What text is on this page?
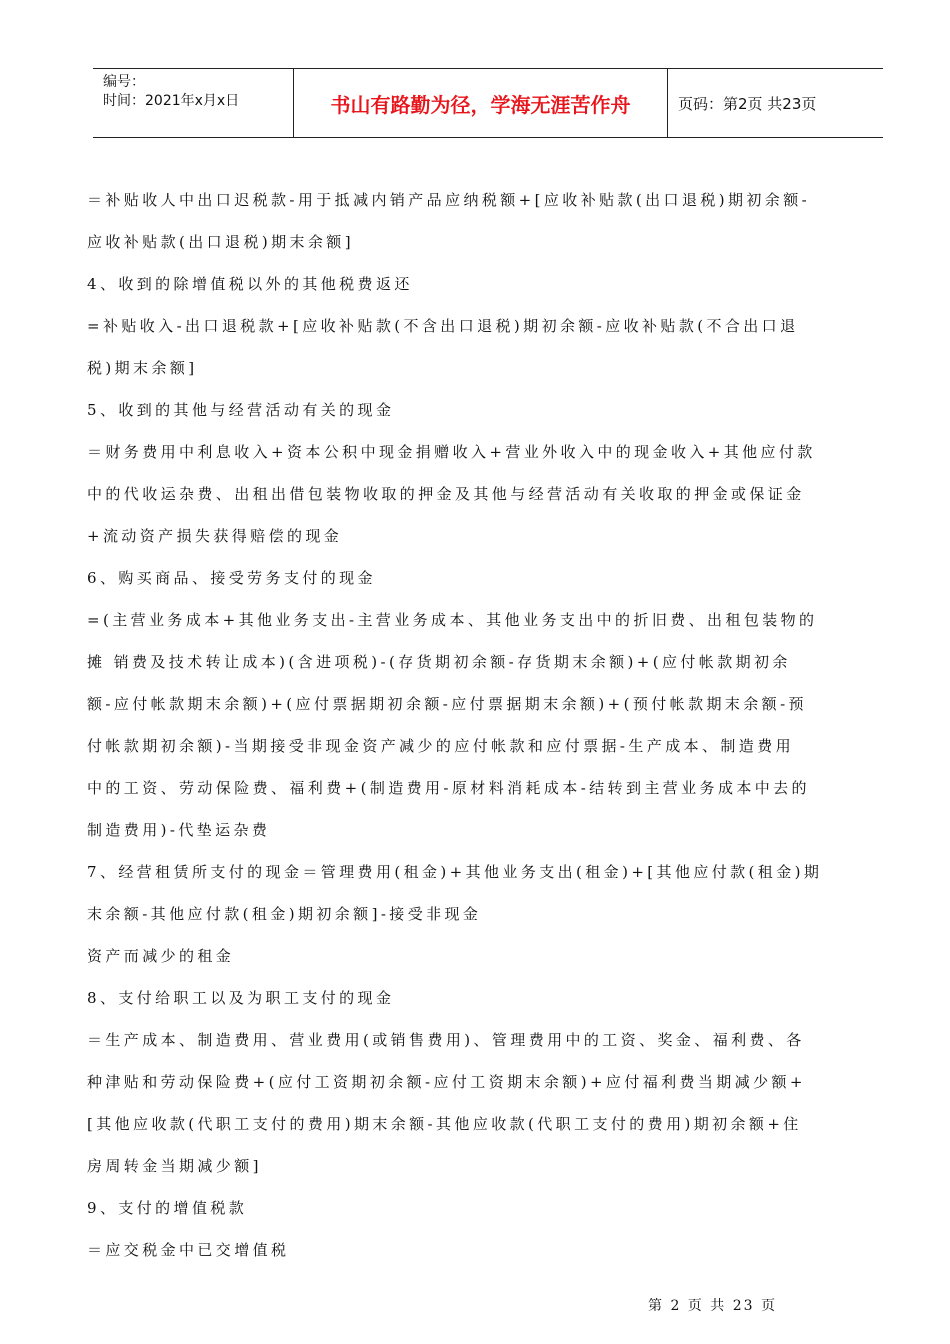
编号：
时间：2021年x月x日	书山有路勤为径，学海无涯苦作舟	页码：第2页 共23页
＝补贴收人中出口迟税款-用于抵减内销产品应纳税额+[应收补贴款(出口退税)期初余额-
应收补贴款(出口退税)期末余额]
4、收到的除增值税以外的其他税费返还
=补贴收入-出口退税款+[应收补贴款(不含出口退税)期初余额-应收补贴款(不合出口退
税)期末余额]
5、收到的其他与经营活动有关的现金
＝财务费用中利息收入+资本公积中现金捐赠收入+营业外收入中的现金收入+其他应付款
中的代收运杂费、出租出借包装物收取的押金及其他与经营活动有关收取的押金或保证金
+流动资产损失获得赔偿的现金
6、购买商品、接受劳务支付的现金
=(主营业务成本+其他业务支出-主营业务成本、其他业务支出中的折旧费、出租包装物的
摊 销费及技术转让成本)(含进项税)-(存货期初余额-存货期末余额)+(应付帐款期初余
额-应付帐款期末余额)+(应付票据期初余额-应付票据期末余额)+(预付帐款期末余额-预
付帐款期初余额)-当期接受非现金资产减少的应付帐款和应付票据-生产成本、制造费用
中的工资、劳动保险费、福利费+(制造费用-原材料消耗成本-结转到主营业务成本中去的
制造费用)-代垫运杂费
7、经营租赁所支付的现金＝管理费用(租金)+其他业务支出(租金)+[其他应付款(租金)期
末余额-其他应付款(租金)期初余额]-接受非现金
资产而减少的租金
8、支付给职工以及为职工支付的现金
＝生产成本、制造费用、营业费用(或销售费用)、管理费用中的工资、奖金、福利费、各
种津贴和劳动保险费+(应付工资期初余额-应付工资期末余额)+应付福利费当期减少额+
[其他应收款(代职工支付的费用)期末余额-其他应收款(代职工支付的费用)期初余额+住
房周转金当期减少额]
9、支付的增值税款
＝应交税金中已交增值税
第 2 页 共 23 页
